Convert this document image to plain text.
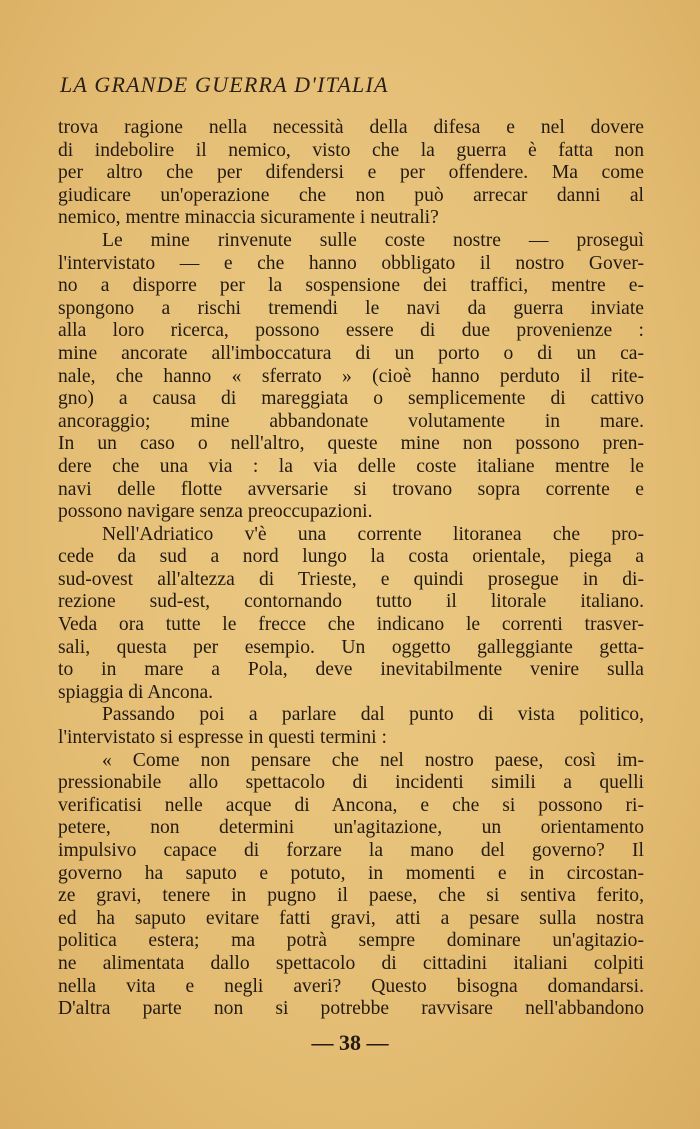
LA GRANDE GUERRA D'ITALIA
trova ragione nella necessità della difesa e nel dovere
di indebolire il nemico, visto che la guerra è fatta non
per altro che per difendersi e per offendere. Ma come
giudicare un'operazione che non può arrecar danni al
nemico, mentre minaccia sicuramente i neutrali?
Le mine rinvenute sulle coste nostre — proseguì
l'intervistato — e che hanno obbligato il nostro Gover-
no a disporre per la sospensione dei traffici, mentre e-
spongono a rischi tremendi le navi da guerra inviate
alla loro ricerca, possono essere di due provenienze :
mine ancorate all'imboccatura di un porto o di un ca-
nale, che hanno « sferrato » (cioè hanno perduto il rite-
gno) a causa di mareggiata o semplicemente di cattivo
ancoraggio; mine abbandonate volutamente in mare.
In un caso o nell'altro, queste mine non possono pren-
dere che una via : la via delle coste italiane mentre le
navi delle flotte avversarie si trovano sopra corrente e
possono navigare senza preoccupazioni.
Nell'Adriatico v'è una corrente litoranea che pro-
cede da sud a nord lungo la costa orientale, piega a
sud-ovest all'altezza di Trieste, e quindi prosegue in di-
rezione sud-est, contornando tutto il litorale italiano.
Veda ora tutte le frecce che indicano le correnti trasver-
sali, questa per esempio. Un oggetto galleggiante getta-
to in mare a Pola, deve inevitabilmente venire sulla
spiaggia di Ancona.
Passando poi a parlare dal punto di vista politico,
l'intervistato si espresse in questi termini :
« Come non pensare che nel nostro paese, così im-
pressionabile allo spettacolo di incidenti simili a quelli
verificatisi nelle acque di Ancona, e che si possono ri-
petere, non determini un'agitazione, un orientamento
impulsivo capace di forzare la mano del governo? Il
governo ha saputo e potuto, in momenti e in circostan-
ze gravi, tenere in pugno il paese, che si sentiva ferito,
ed ha saputo evitare fatti gravi, atti a pesare sulla nostra
politica estera; ma potrà sempre dominare un'agitazio-
ne alimentata dallo spettacolo di cittadini italiani colpiti
nella vita e negli averi? Questo bisogna domandarsi.
D'altra parte non si potrebbe ravvisare nell'abbandono
— 38 —
